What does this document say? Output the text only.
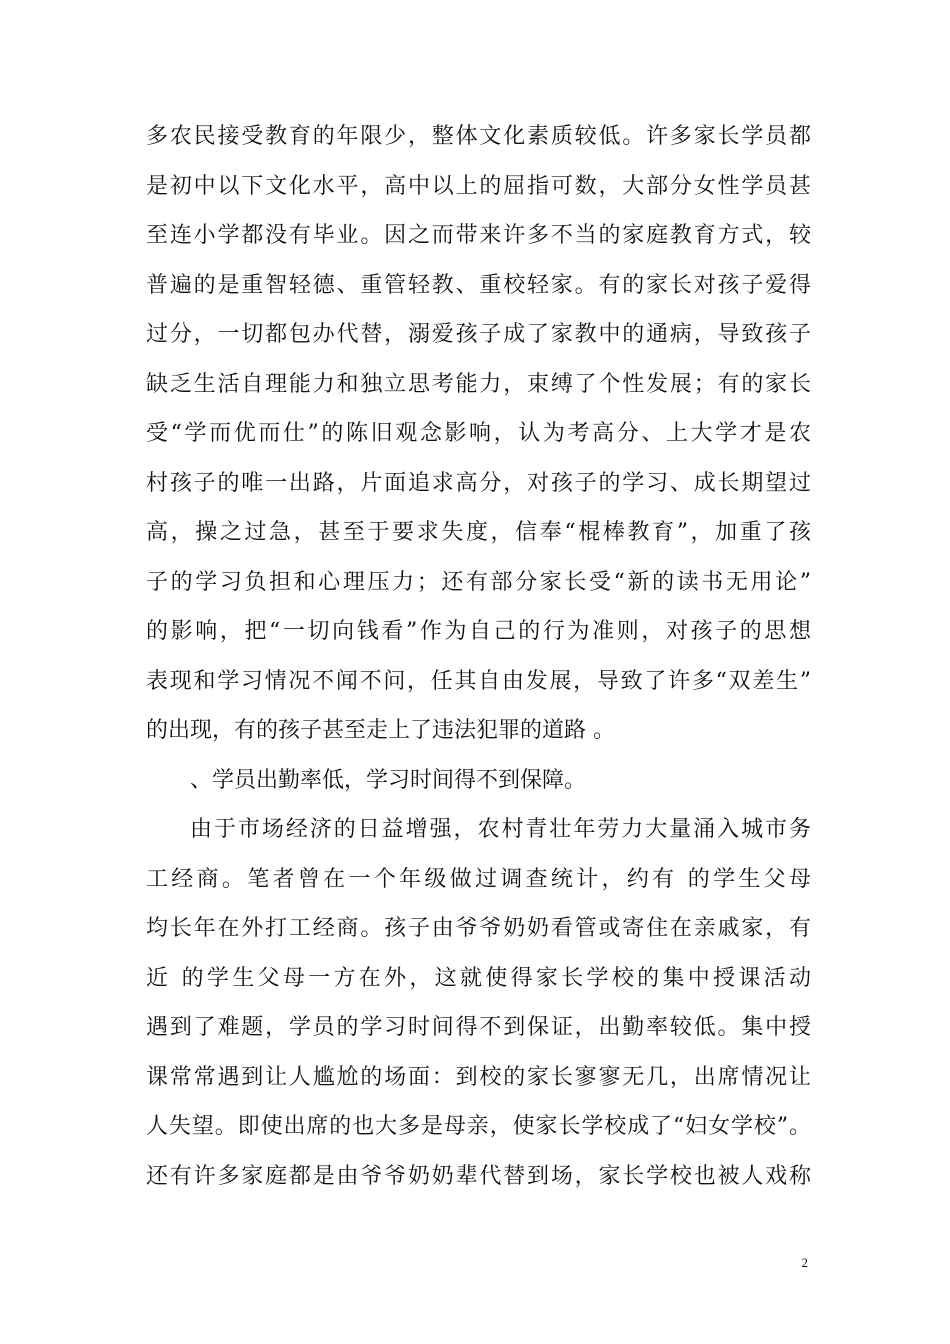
多农民接受教育的年限少，整体文化素质较低。许多家长学员都
是初中以下文化水平，高中以上的屈指可数，大部分女性学员甚
至连小学都没有毕业。因之而带来许多不当的家庭教育方式，较
普遍的是重智轻德、重管轻教、重校轻家。有的家长对孩子爱得
过分，一切都包办代替，溺爱孩子成了家教中的通病，导致孩子
缺乏生活自理能力和独立思考能力，束缚了个性发展；有的家长
受“学而优而仕”的陈旧观念影响，认为考高分、上大学才是农
村孩子的唯一出路，片面追求高分，对孩子的学习、成长期望过
高，操之过急，甚至于要求失度，信奉“棍棒教育”，加重了孩
子的学习负担和心理压力；还有部分家长受“新的读书无用论”
的影响，把“一切向钱看”作为自己的行为准则，对孩子的思想
表现和学习情况不闻不问，任其自由发展，导致了许多“双差生”
的出现，有的孩子甚至走上了违法犯罪的道路 。
、学员出勤率低，学习时间得不到保障。
由于市场经济的日益增强，农村青壮年劳力大量涌入城市务
工经商。笔者曾在一个年级做过调查统计，约有 的学生父母
均长年在外打工经商。孩子由爷爷奶奶看管或寄住在亲戚家，有
近 的学生父母一方在外，这就使得家长学校的集中授课活动
遇到了难题，学员的学习时间得不到保证，出勤率较低。集中授
课常常遇到让人尴尬的场面：到校的家长寥寥无几，出席情况让
人失望。即使出席的也大多是母亲，使家长学校成了“妇女学校”。
还有许多家庭都是由爷爷奶奶辈代替到场，家长学校也被人戏称
2
